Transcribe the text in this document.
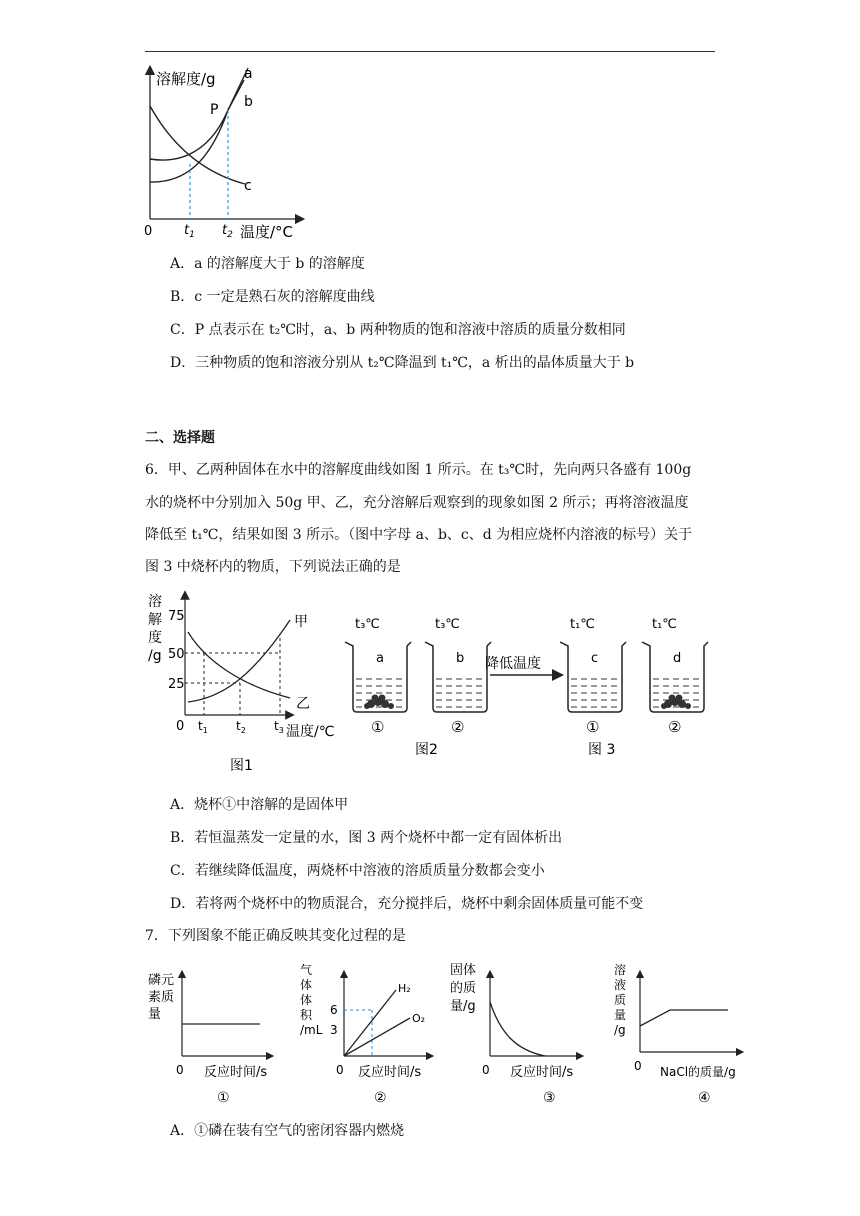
溶解度/g a
b
c
P
0 $t_1$ $t_2$ 温度/°C
A．a 的溶解度大于 b 的溶解度
B．c 一定是熟石灰的溶解度曲线
C．P 点表示在 t₂℃时，a、b 两种物质的饱和溶液中溶质的质量分数相同
D．三种物质的饱和溶液分别从 t₂℃降温到 t₁℃，a 析出的晶体质量大于 b
二、选择题
6．甲、乙两种固体在水中的溶解度曲线如图 1 所示。在 t₃℃时，先向两只各盛有 100g
水的烧杯中分别加入 50g 甲、乙，充分溶解后观察到的现象如图 2 所示；再将溶液温度
降低至 t₁℃，结果如图 3 所示。（图中字母 a、b、c、d 为相应烧杯内溶液的标号）关于
图 3 中烧杯内的物质，下列说法正确的是
溶
解
度
/g
75
50
25
0
甲
乙
$t_1$ $t_2$ $t_3$ 温度/℃
图1
t₃℃
a
①
t₃℃
b
②
图2
降低温度
t₁℃
c
①
t₁℃
d
②
图 3
A．烧杯①中溶解的是固体甲
B．若恒温蒸发一定量的水，图 3 两个烧杯中都一定有固体析出
C．若继续降低温度，两烧杯中溶液的溶质质量分数都会变小
D．若将两个烧杯中的物质混合，充分搅拌后，烧杯中剩余固体质量可能不变
7．下列图象不能正确反映其变化过程的是
磷元
素质
量
0 反应时间/s
①
气
体
体
积
/mL
6
3
H₂
O₂
0 反应时间/s
②
固体
的质
量/g
0 反应时间/s
③
溶
液
质
量
/g
0 NaCl的质量/g
④
A．①磷在装有空气的密闭容器内燃烧
